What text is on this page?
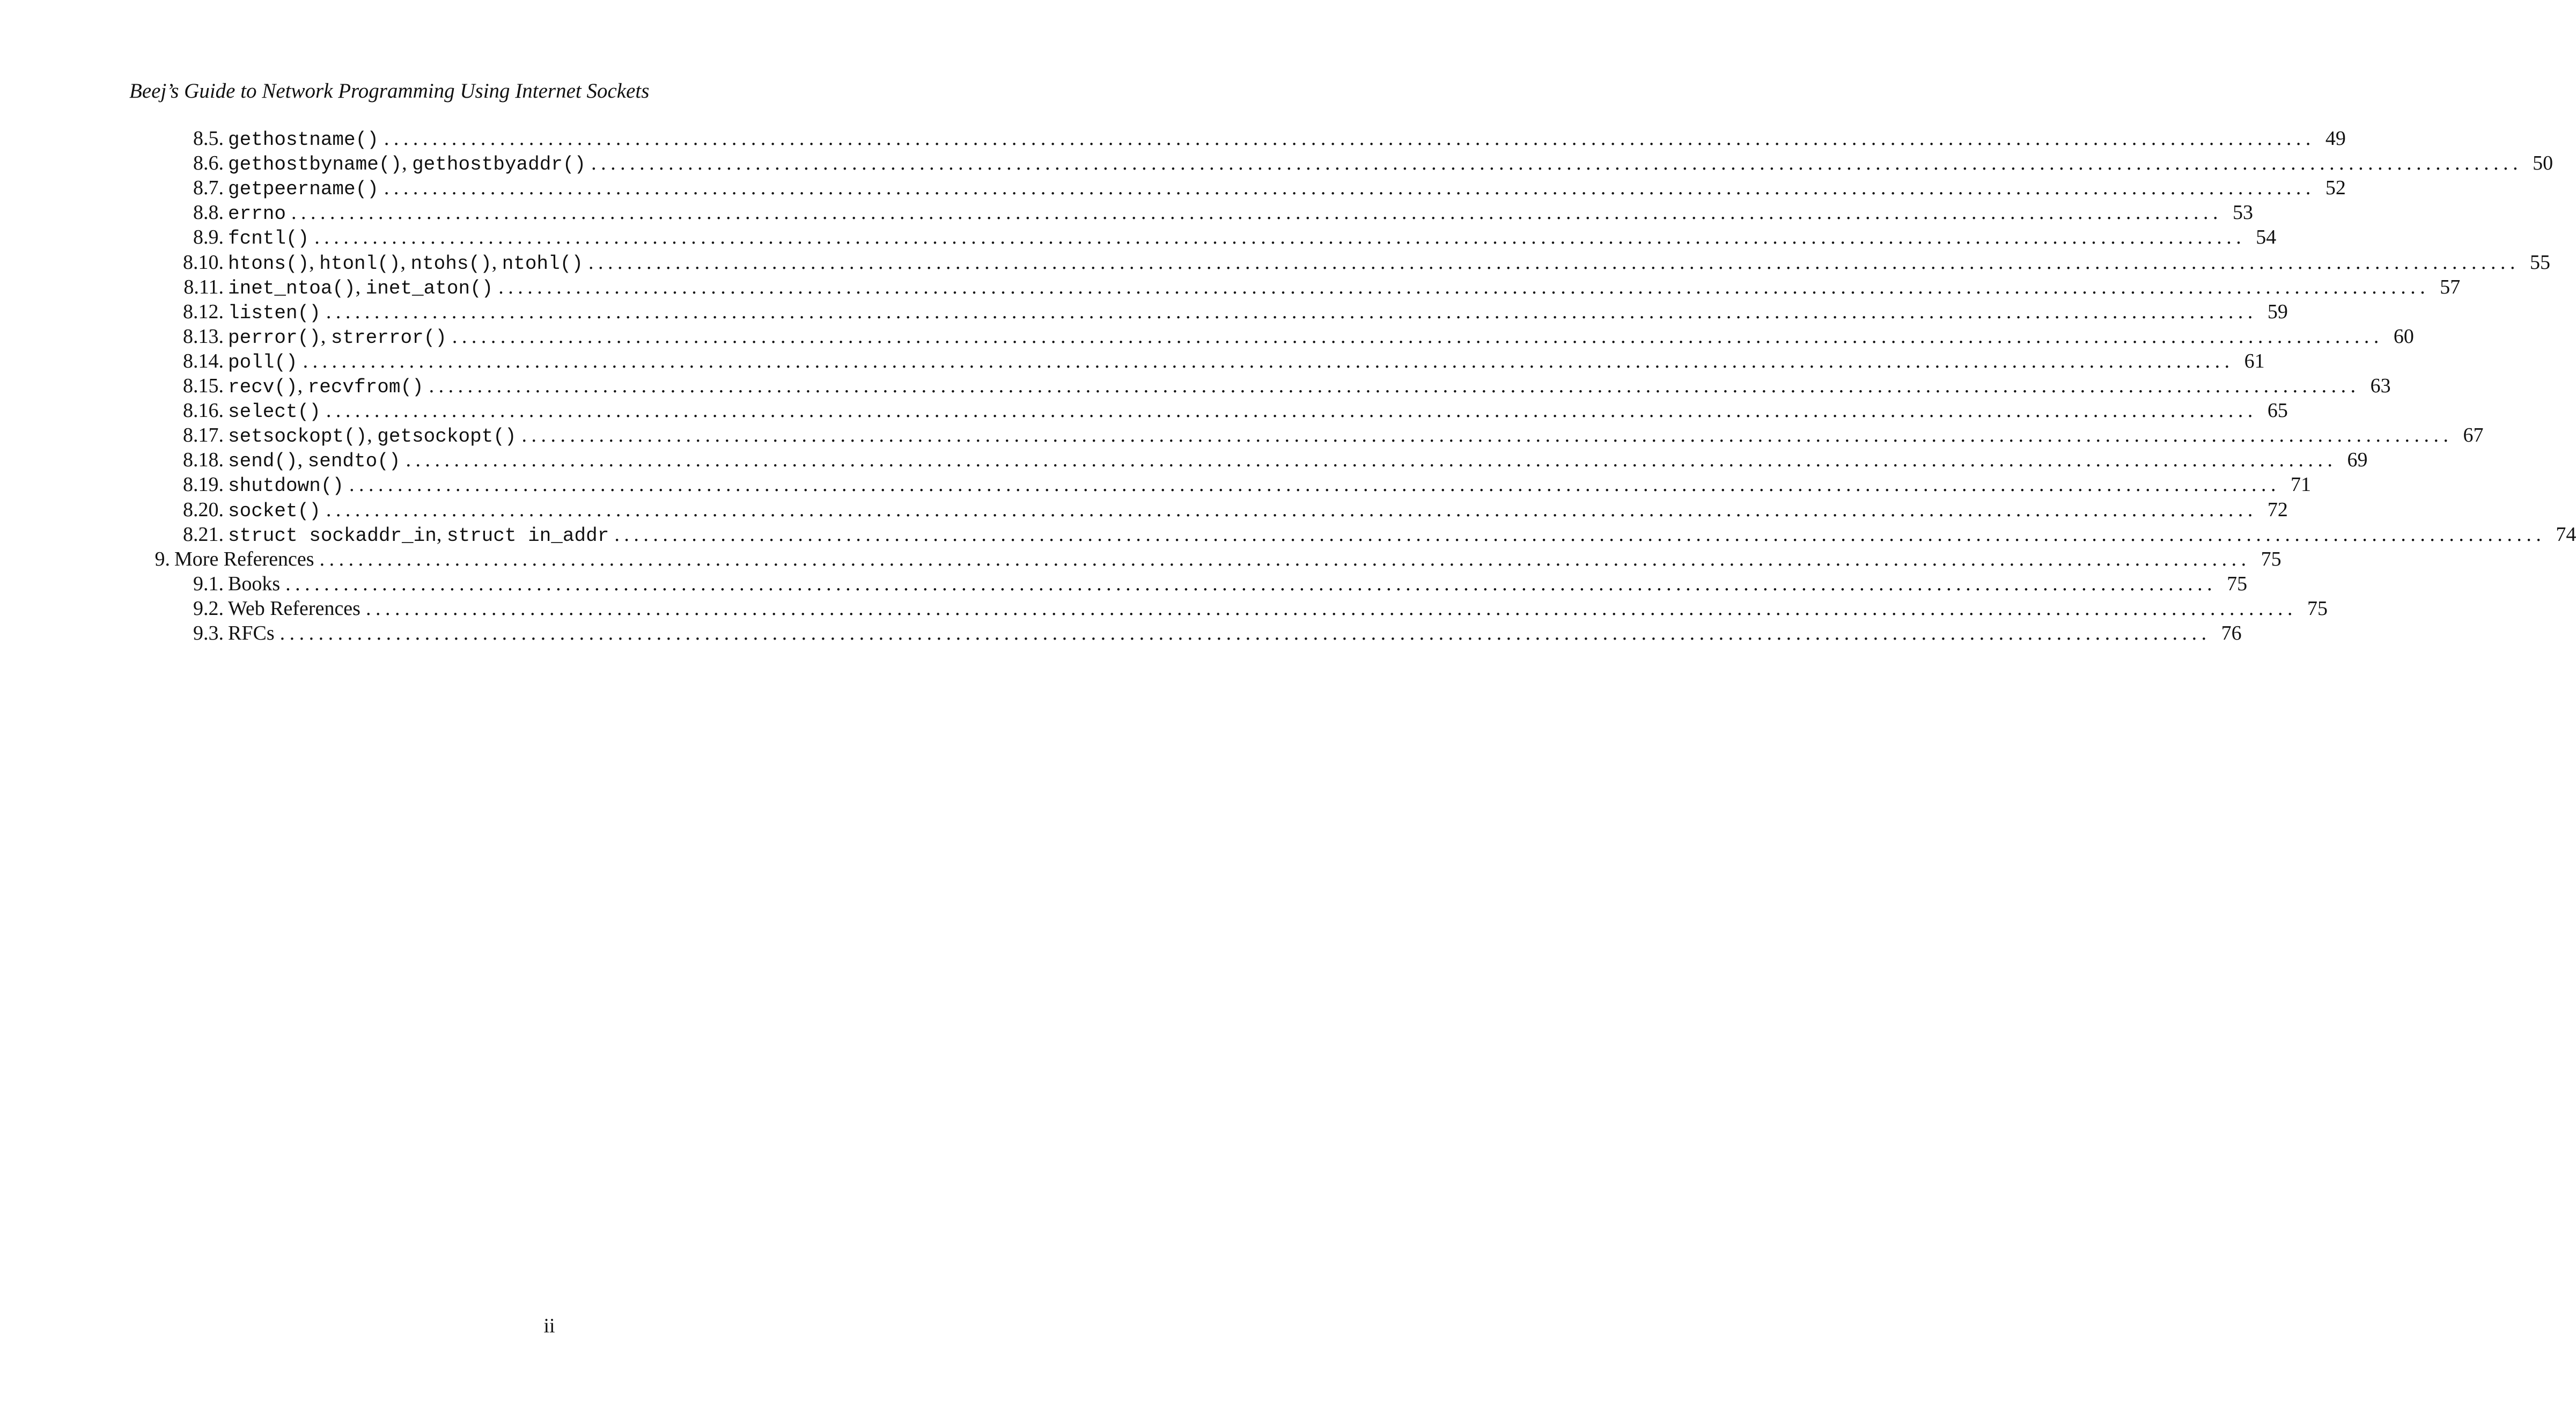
Beej’s Guide to Network Programming Using Internet Sockets
8.5. gethostname() ........................................................................................................................................................................................................ 49
8.6. gethostbyname(), gethostbyaddr() ........................................................................................................................................................................................................ 50
8.7. getpeername() ........................................................................................................................................................................................................ 52
8.8. errno ........................................................................................................................................................................................................ 53
8.9. fcntl() ........................................................................................................................................................................................................ 54
8.10. htons(), htonl(), ntohs(), ntohl() ........................................................................................................................................................................................................ 55
8.11. inet_ntoa(), inet_aton() ........................................................................................................................................................................................................ 57
8.12. listen() ........................................................................................................................................................................................................ 59
8.13. perror(), strerror() ........................................................................................................................................................................................................ 60
8.14. poll() ........................................................................................................................................................................................................ 61
8.15. recv(), recvfrom() ........................................................................................................................................................................................................ 63
8.16. select() ........................................................................................................................................................................................................ 65
8.17. setsockopt(), getsockopt() ........................................................................................................................................................................................................ 67
8.18. send(), sendto() ........................................................................................................................................................................................................ 69
8.19. shutdown() ........................................................................................................................................................................................................ 71
8.20. socket() ........................................................................................................................................................................................................ 72
8.21. struct sockaddr_in, struct in_addr ........................................................................................................................................................................................................ 74
9. More References ........................................................................................................................................................................................................ 75
9.1. Books ........................................................................................................................................................................................................ 75
9.2. Web References ........................................................................................................................................................................................................ 75
9.3. RFCs ........................................................................................................................................................................................................ 76
ii
